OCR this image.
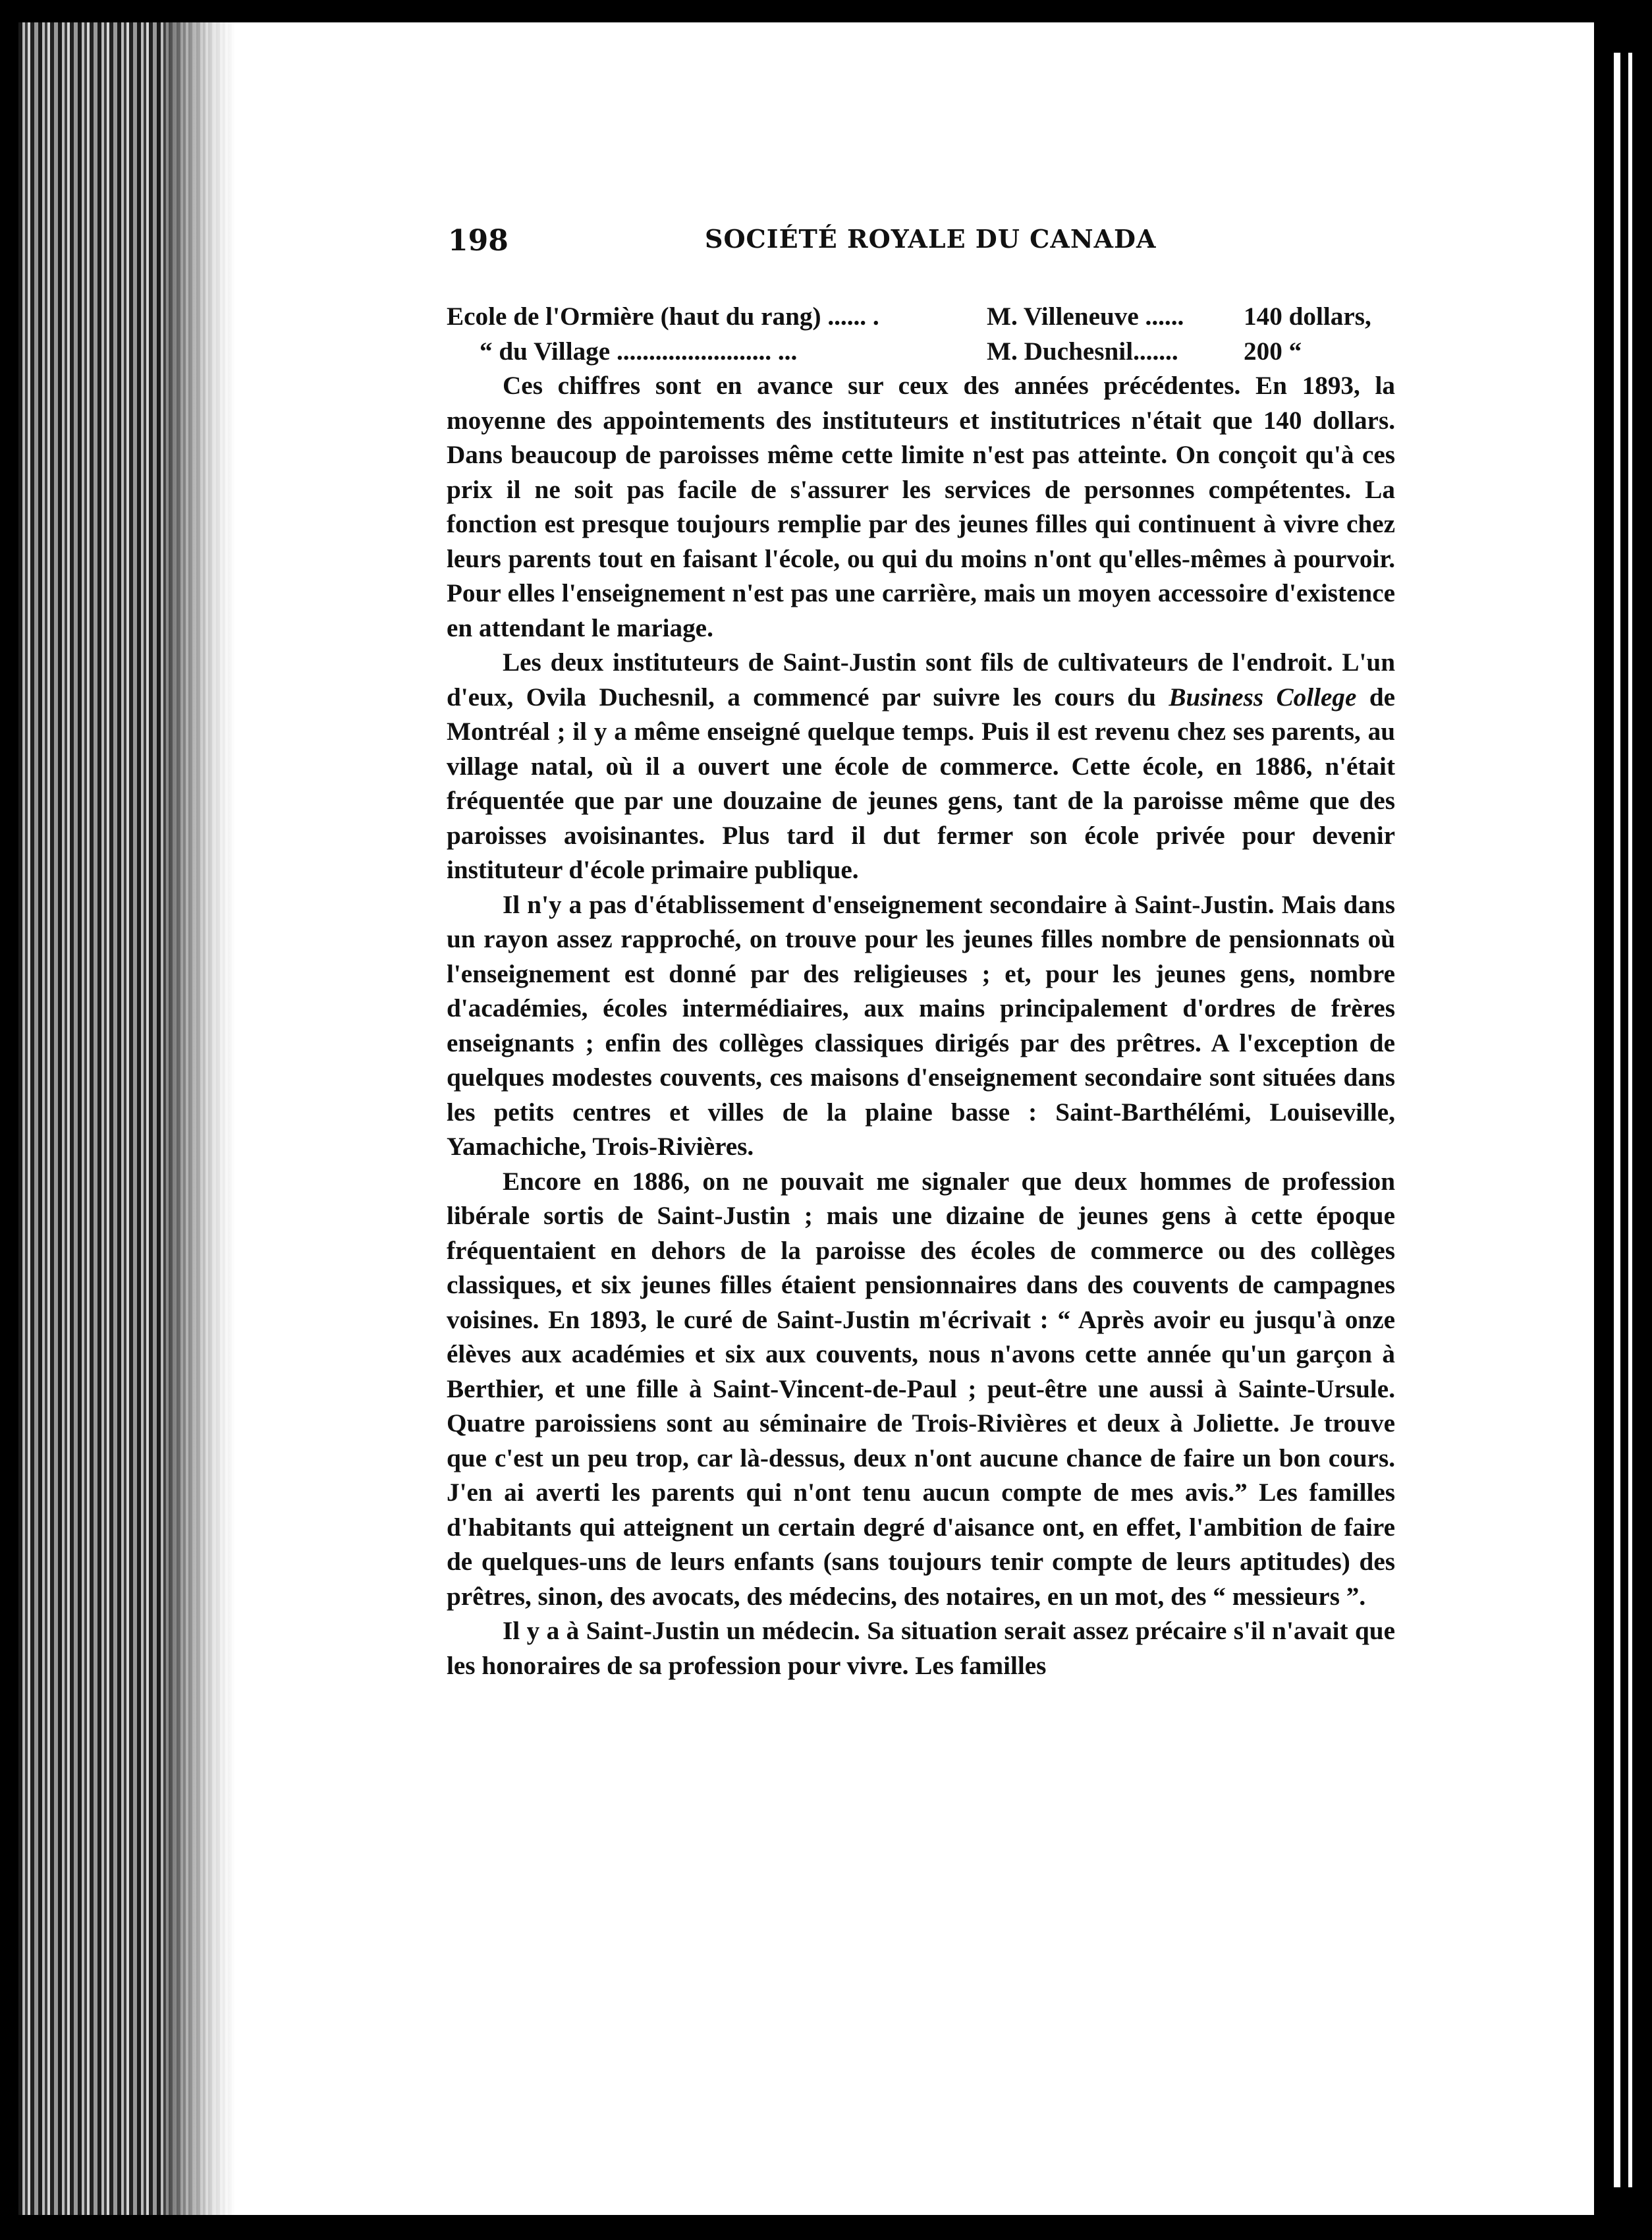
198	SOCIÉTÉ ROYALE DU CANADA
Ecole de l'Ormière (haut du rang) ...... .	M. Villeneuve ...... 140 dollars,
“ du Village ........................ ...	M. Duchesnil.......	200 “

Ces chiffres sont en avance sur ceux des années précédentes. En 1893, la moyenne des appointements des instituteurs et institutrices n'était que 140 dollars. Dans beaucoup de paroisses même cette limite n'est pas atteinte. On conçoit qu'à ces prix il ne soit pas facile de s'assurer les services de personnes compétentes. La fonction est presque toujours remplie par des jeunes filles qui continuent à vivre chez leurs parents tout en faisant l'école, ou qui du moins n'ont qu'elles-mêmes à pourvoir. Pour elles l'enseignement n'est pas une carrière, mais un moyen accessoire d'existence en attendant le mariage.

Les deux instituteurs de Saint-Justin sont fils de cultivateurs de l'endroit. L'un d'eux, Ovila Duchesnil, a commencé par suivre les cours du Business College de Montréal ; il y a même enseigné quelque temps. Puis il est revenu chez ses parents, au village natal, où il a ouvert une école de commerce. Cette école, en 1886, n'était fréquentée que par une douzaine de jeunes gens, tant de la paroisse même que des paroisses avoisinantes. Plus tard il dut fermer son école privée pour devenir instituteur d'école primaire publique.

Il n'y a pas d'établissement d'enseignement secondaire à Saint-Justin. Mais dans un rayon assez rapproché, on trouve pour les jeunes filles nombre de pensionnats où l'enseignement est donné par des religieuses ; et, pour les jeunes gens, nombre d'académies, écoles intermédiaires, aux mains principalement d'ordres de frères enseignants ; enfin des collèges classiques dirigés par des prêtres. A l'exception de quelques modestes couvents, ces maisons d'enseignement secondaire sont situées dans les petits centres et villes de la plaine basse : Saint-Barthélémi, Louiseville, Yamachiche, Trois-Rivières.

Encore en 1886, on ne pouvait me signaler que deux hommes de profession libérale sortis de Saint-Justin ; mais une dizaine de jeunes gens à cette époque fréquentaient en dehors de la paroisse des écoles de commerce ou des collèges classiques, et six jeunes filles étaient pensionnaires dans des couvents de campagnes voisines. En 1893, le curé de Saint-Justin m'écrivait : “ Après avoir eu jusqu'à onze élèves aux académies et six aux couvents, nous n'avons cette année qu'un garçon à Berthier, et une fille à Saint-Vincent-de-Paul ; peut-être une aussi à Sainte-Ursule. Quatre paroissiens sont au séminaire de Trois-Rivières et deux à Joliette. Je trouve que c'est un peu trop, car là-dessus, deux n'ont aucune chance de faire un bon cours. J'en ai averti les parents qui n'ont tenu aucun compte de mes avis.” Les familles d'habitants qui atteignent un certain degré d'aisance ont, en effet, l'ambition de faire de quelques-uns de leurs enfants (sans toujours tenir compte de leurs aptitudes) des prêtres, sinon, des avocats, des médecins, des notaires, en un mot, des “ messieurs ”.

Il y a à Saint-Justin un médecin. Sa situation serait assez précaire s'il n'avait que les honoraires de sa profession pour vivre. Les familles
